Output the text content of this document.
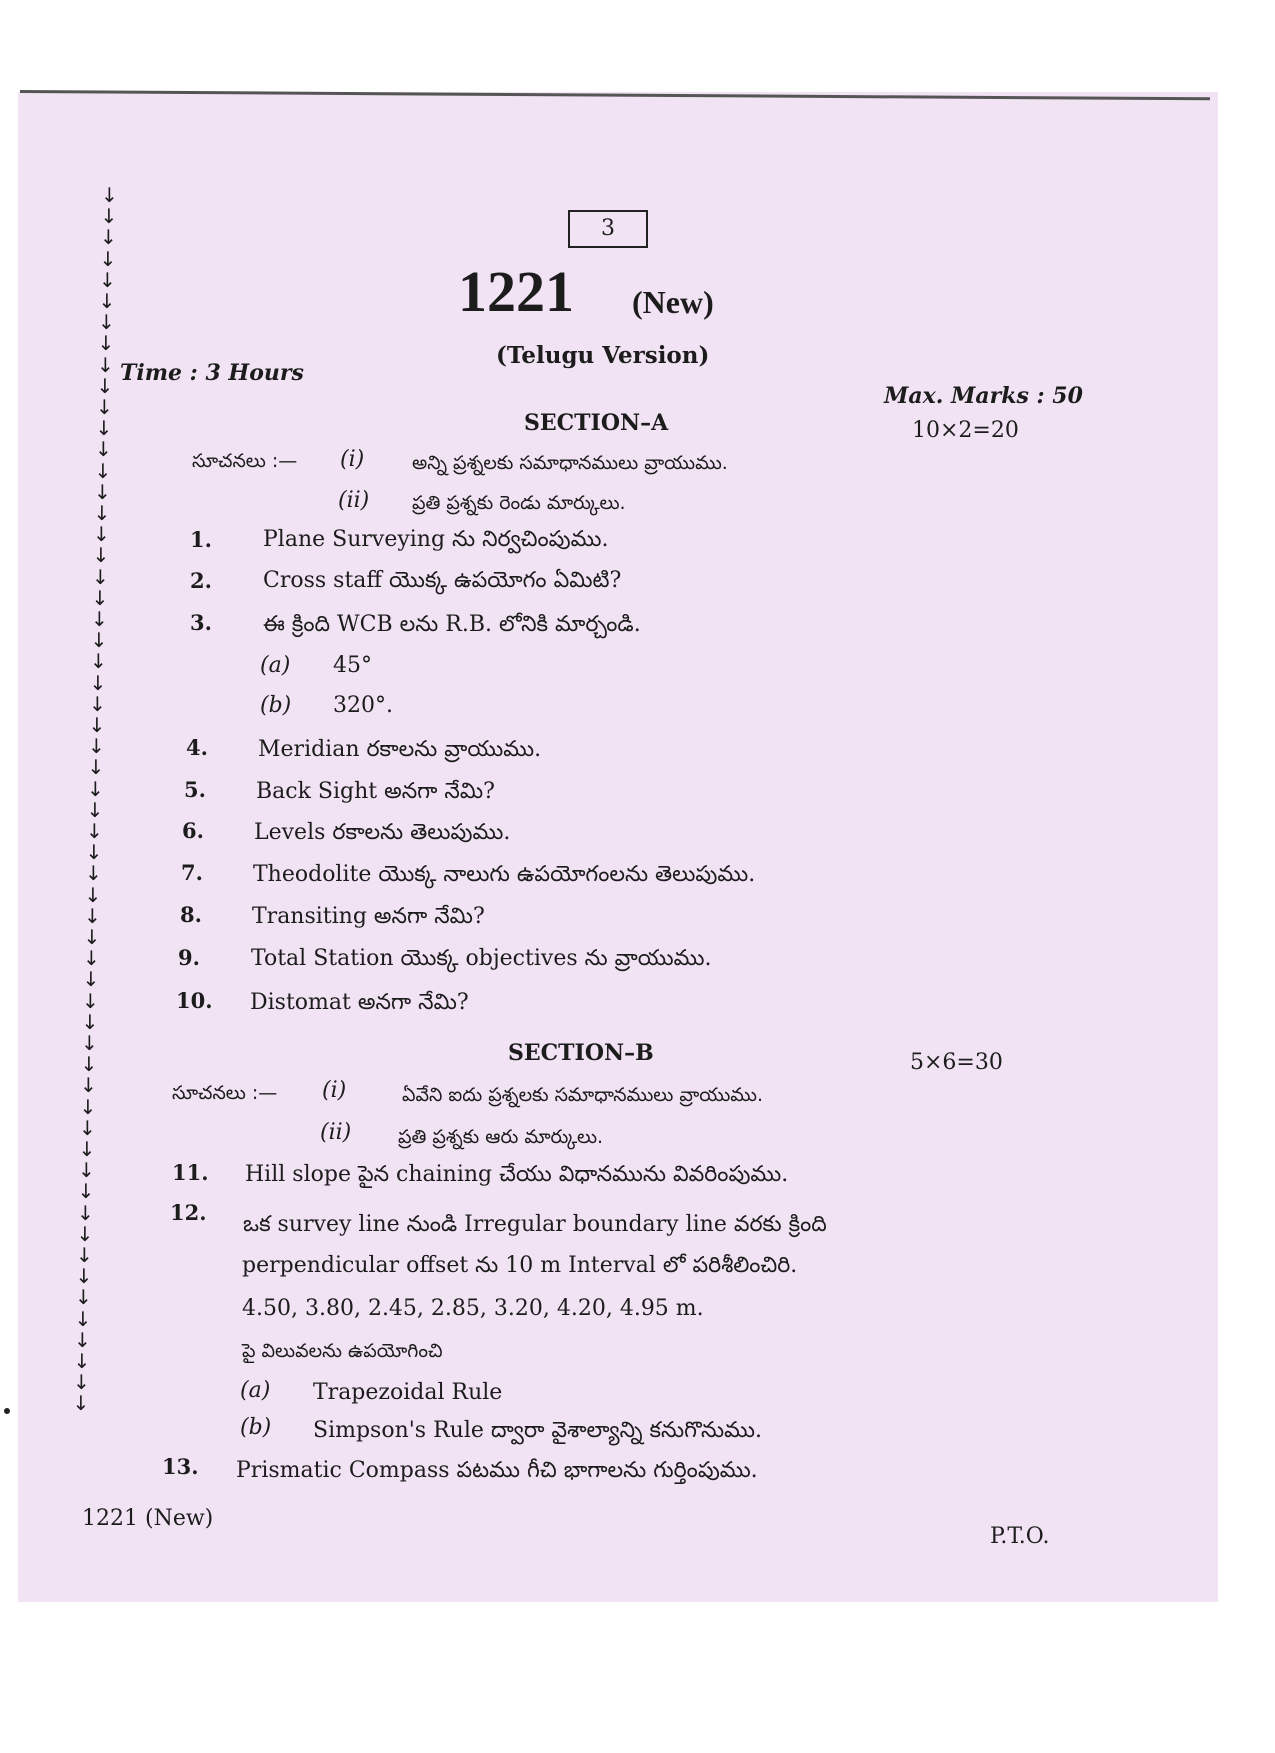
↓
↓
↓
↓
↓
↓
↓
↓
↓
↓
↓
↓
↓
↓
↓
↓
↓
↓
↓
↓
↓
↓
↓
↓
↓
↓
↓
↓
↓
↓
↓
↓
↓
↓
↓
↓
↓
↓
↓
↓
↓
↓
↓
↓
↓
↓
↓
↓
↓
↓
↓
↓
↓
↓
↓
↓
↓
↓
3
1221 (New)
(Telugu Version)
Time : 3 Hours
Max. Marks : 50
SECTION–A	10×2=20
సూచనలు :— (i)	అన్ని ప్రశ్నలకు సమాధానములు వ్రాయుము.
(ii) ప్రతి ప్రశ్నకు రెండు మార్కులు.
1. Plane Surveying ను నిర్వచింపుము.
2. Cross staff యొక్క ఉపయోగం ఏమిటి?
3. ఈ క్రింది WCB లను R.B. లోనికి మార్చండి.
(a) 45°
(b) 320°.
4. Meridian రకాలను వ్రాయుము.
5. Back Sight అనగా నేమి?
6. Levels రకాలను తెలుపుము.
7. Theodolite యొక్క నాలుగు ఉపయోగంలను తెలుపుము.
8. Transiting అనగా నేమి?
9. Total Station యొక్క objectives ను వ్రాయుము.
10. Distomat అనగా నేమి?
SECTION–B	5×6=30
సూచనలు :— (i)	ఏవేని ఐదు ప్రశ్నలకు సమాధానములు వ్రాయుము.
(ii) ప్రతి ప్రశ్నకు ఆరు మార్కులు.
11. Hill slope పైన chaining చేయు విధానమును వివరింపుము.
12. ఒక survey line నుండి Irregular boundary line వరకు క్రింది
perpendicular offset ను 10 m Interval లో పరిశీలించిరి.
4.50, 3.80, 2.45, 2.85, 3.20, 4.20, 4.95 m.
పై విలువలను ఉపయోగించి
(a) Trapezoidal Rule
(b) Simpson's Rule ద్వారా వైశాల్యాన్ని కనుగొనుము.
13. Prismatic Compass పటము గీచి భాగాలను గుర్తింపుము.
1221 (New)
P.T.O.
